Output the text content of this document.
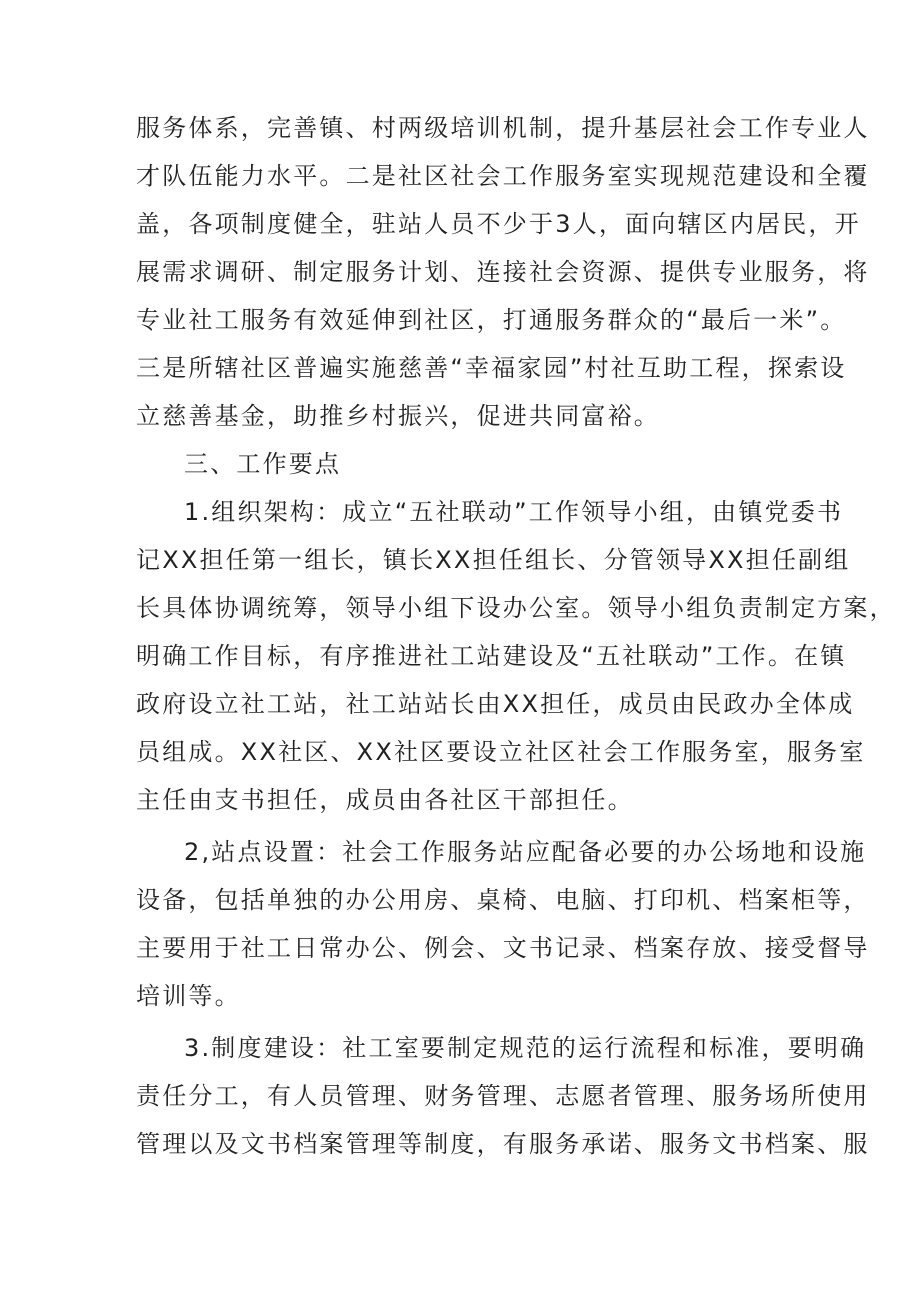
服务体系，完善镇、村两级培训机制，提升基层社会工作专业人
才队伍能力水平。二是社区社会工作服务室实现规范建设和全覆
盖，各项制度健全，驻站人员不少于3人，面向辖区内居民，开
展需求调研、制定服务计划、连接社会资源、提供专业服务，将
专业社工服务有效延伸到社区，打通服务群众的“最后一米”。
三是所辖社区普遍实施慈善“幸福家园”村社互助工程，探索设
立慈善基金，助推乡村振兴，促进共同富裕。
三、工作要点
1.组织架构：成立“五社联动”工作领导小组，由镇党委书
记XX担任第一组长，镇长XX担任组长、分管领导XX担任副组
长具体协调统筹，领导小组下设办公室。领导小组负责制定方案，
明确工作目标，有序推进社工站建设及“五社联动”工作。在镇
政府设立社工站，社工站站长由XX担任，成员由民政办全体成
员组成。XX社区、XX社区要设立社区社会工作服务室，服务室
主任由支书担任，成员由各社区干部担任。
2,站点设置：社会工作服务站应配备必要的办公场地和设施
设备，包括单独的办公用房、桌椅、电脑、打印机、档案柜等，
主要用于社工日常办公、例会、文书记录、档案存放、接受督导
培训等。
3.制度建设：社工室要制定规范的运行流程和标准，要明确
责任分工，有人员管理、财务管理、志愿者管理、服务场所使用
管理以及文书档案管理等制度，有服务承诺、服务文书档案、服
